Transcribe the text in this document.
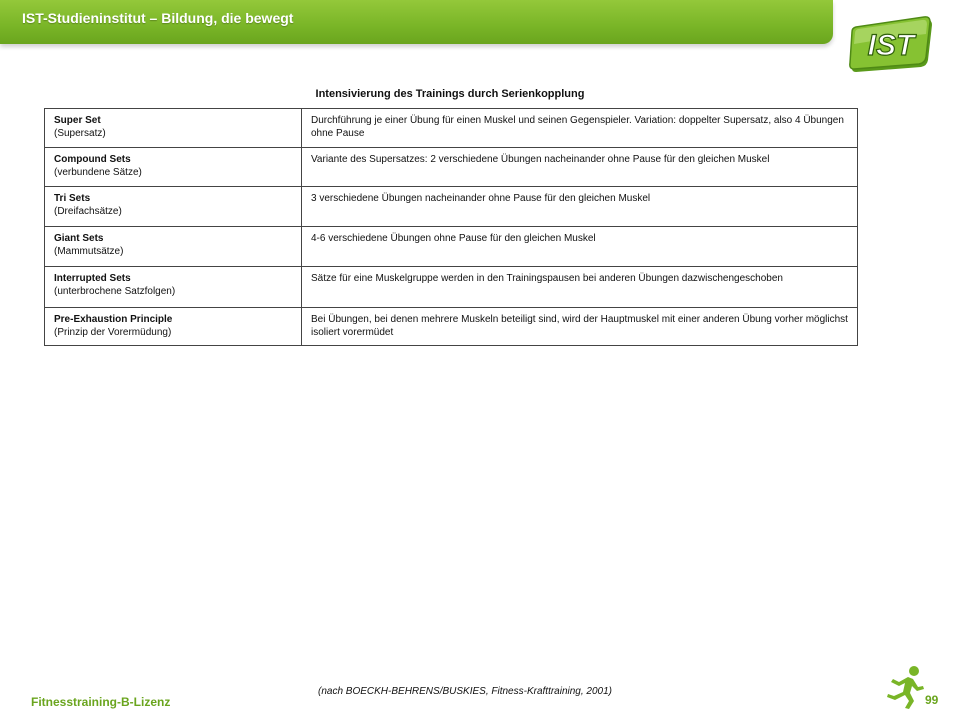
IST-Studieninstitut – Bildung, die bewegt
IST
Intensivierung des Trainings durch Serienkopplung
Super Set
(Supersatz)	Durchführung je einer Übung für einen Muskel und seinen Gegenspieler. Variation: doppelter Supersatz, also 4 Übungen ohne Pause

Compound Sets
(verbundene Sätze)	Variante des Supersatzes: 2 verschiedene Übungen nacheinander ohne Pause für den gleichen Muskel

Tri Sets
(Dreifachsätze)	3 verschiedene Übungen nacheinander ohne Pause für den gleichen Muskel

Giant Sets
(Mammutsätze)	4-6 verschiedene Übungen ohne Pause für den gleichen Muskel

Interrupted Sets
(unterbrochene Satzfolgen)	Sätze für eine Muskelgruppe werden in den Trainingspausen bei anderen Übungen dazwischengeschoben

Pre-Exhaustion Principle
(Prinzip der Vorermüdung)	Bei Übungen, bei denen mehrere Muskeln beteiligt sind, wird der Hauptmuskel mit einer anderen Übung vorher möglichst isoliert vorermüdet
(nach BOECKH-BEHRENS/BUSKIES, Fitness-Krafttraining, 2001)
Fitnesstraining-B-Lizenz	99
